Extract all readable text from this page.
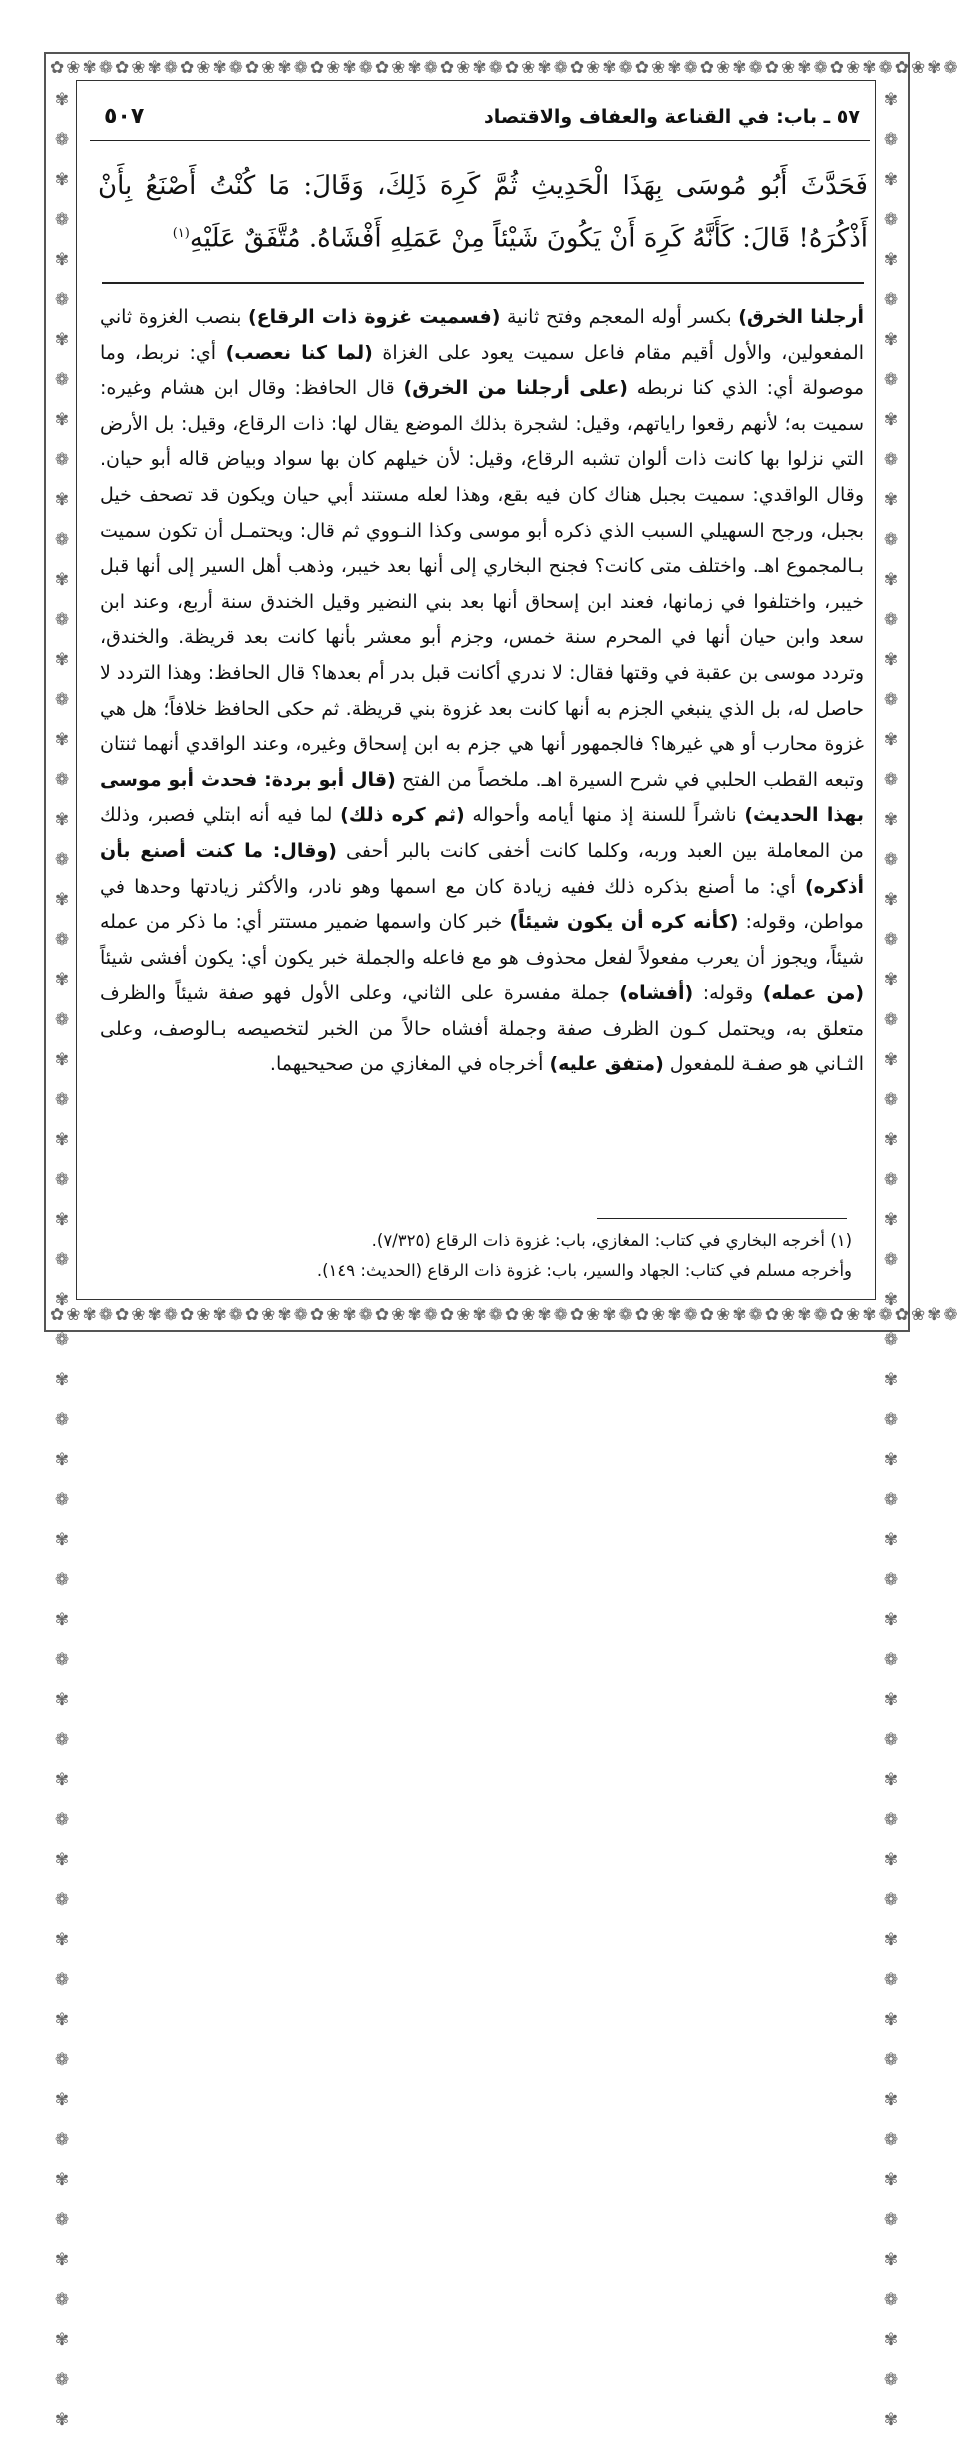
✿❀✾❁✿❀✾❁✿❀✾❁✿❀✾❁✿❀✾❁✿❀✾❁✿❀✾❁✿❀✾❁✿❀✾❁✿❀✾❁✿❀✾❁✿❀✾❁✿❀✾❁✿❀✾❁
✿❀✾❁✿❀✾❁✿❀✾❁✿❀✾❁✿❀✾❁✿❀✾❁✿❀✾❁✿❀✾❁✿❀✾❁✿❀✾❁✿❀✾❁✿❀✾❁✿❀✾❁✿❀✾❁
✾❁✾❁✾❁✾❁✾❁✾❁✾❁✾❁✾❁✾❁✾❁✾❁✾❁✾❁✾❁✾❁✾❁✾❁✾❁✾❁✾❁✾❁✾❁✾❁✾❁✾❁✾❁✾❁✾❁✾
✾❁✾❁✾❁✾❁✾❁✾❁✾❁✾❁✾❁✾❁✾❁✾❁✾❁✾❁✾❁✾❁✾❁✾❁✾❁✾❁✾❁✾❁✾❁✾❁✾❁✾❁✾❁✾❁✾❁✾
٥٧ ـ باب: في القناعة والعفاف والاقتصاد
٥٠٧
فَحَدَّثَ أَبُو مُوسَى بِهَذَا الْحَدِيثِ ثُمَّ كَرِهَ ذَلِكَ، وَقَالَ: مَا كُنْتُ أَصْنَعُ بِأَنْ أَذْكُرَهُ! قَالَ: كَأَنَّهُ كَرِهَ أَنْ يَكُونَ شَيْئاً مِنْ عَمَلِهِ أَفْشَاهُ. مُتَّفَقٌ عَلَيْهِ$^{(١)}$

أرجلنا الخرق) بكسر أوله المعجم وفتح ثانية (فسميت غزوة ذات الرقاع) بنصب الغزوة ثاني المفعولين، والأول أقيم مقام فاعل سميت يعود على الغزاة (لما كنا نعصب) أي: نربط، وما موصولة أي: الذي كنا نربطه (على أرجلنا من الخرق) قال الحافظ: وقال ابن هشام وغيره: سميت به؛ لأنهم رقعوا راياتهم، وقيل: لشجرة بذلك الموضع يقال لها: ذات الرقاع، وقيل: بل الأرض التي نزلوا بها كانت ذات ألوان تشبه الرقاع، وقيل: لأن خيلهم كان بها سواد وبياض قاله أبو حيان. وقال الواقدي: سميت بجبل هناك كان فيه بقع، وهذا لعله مستند أبي حيان ويكون قد تصحف خيل بجبل، ورجح السهيلي السبب الذي ذكره أبو موسى وكذا النـووي ثم قال: ويحتمـل أن تكون سميت بـالمجموع اهـ. واختلف متى كانت؟ فجنح البخاري إلى أنها بعد خيبر، وذهب أهل السير إلى أنها قبل خيبر، واختلفوا في زمانها، فعند ابن إسحاق أنها بعد بني النضير وقيل الخندق سنة أربع، وعند ابن سعد وابن حيان أنها في المحرم سنة خمس، وجزم أبو معشر بأنها كانت بعد قريظة. والخندق، وتردد موسى بن عقبة في وقتها فقال: لا ندري أكانت قبل بدر أم بعدها؟ قال الحافظ: وهذا التردد لا حاصل له، بل الذي ينبغي الجزم به أنها كانت بعد غزوة بني قريظة. ثم حكى الحافظ خلافاً؛ هل هي غزوة محارب أو هي غيرها؟ فالجمهور أنها هي جزم به ابن إسحاق وغيره، وعند الواقدي أنهما ثنتان وتبعه القطب الحلبي في شرح السيرة اهـ. ملخصاً من الفتح (قال أبو بردة: فحدث أبو موسى بهذا الحديث) ناشراً للسنة إذ منها أيامه وأحواله (ثم كره ذلك) لما فيه أنه ابتلي فصبر، وذلك من المعاملة بين العبد وربه، وكلما كانت أخفى كانت بالبر أحفى (وقال: ما كنت أصنع بأن أذكره) أي: ما أصنع بذكره ذلك ففيه زيادة كان مع اسمها وهو نادر، والأكثر زيادتها وحدها في مواطن، وقوله: (كأنه كره أن يكون شيئاً) خبر كان واسمها ضمير مستتر أي: ما ذكر من عمله شيئاً، ويجوز أن يعرب مفعولاً لفعل محذوف هو مع فاعله والجملة خبر يكون أي: يكون أفشى شيئاً (من عمله) وقوله: (أفشاه) جملة مفسرة على الثاني، وعلى الأول فهو صفة شيئاً والظرف متعلق به، ويحتمل كـون الظرف صفة وجملة أفشاه حالاً من الخبر لتخصيصه بـالوصف، وعلى الثـاني هو صفـة للمفعول (متفق عليه) أخرجاه في المغازي من صحيحيهما.

(١) أخرجه البخاري في كتاب: المغازي، باب: غزوة ذات الرقاع (٧/٣٢٥).
وأخرجه مسلم في كتاب: الجهاد والسير، باب: غزوة ذات الرقاع (الحديث: ١٤٩).
